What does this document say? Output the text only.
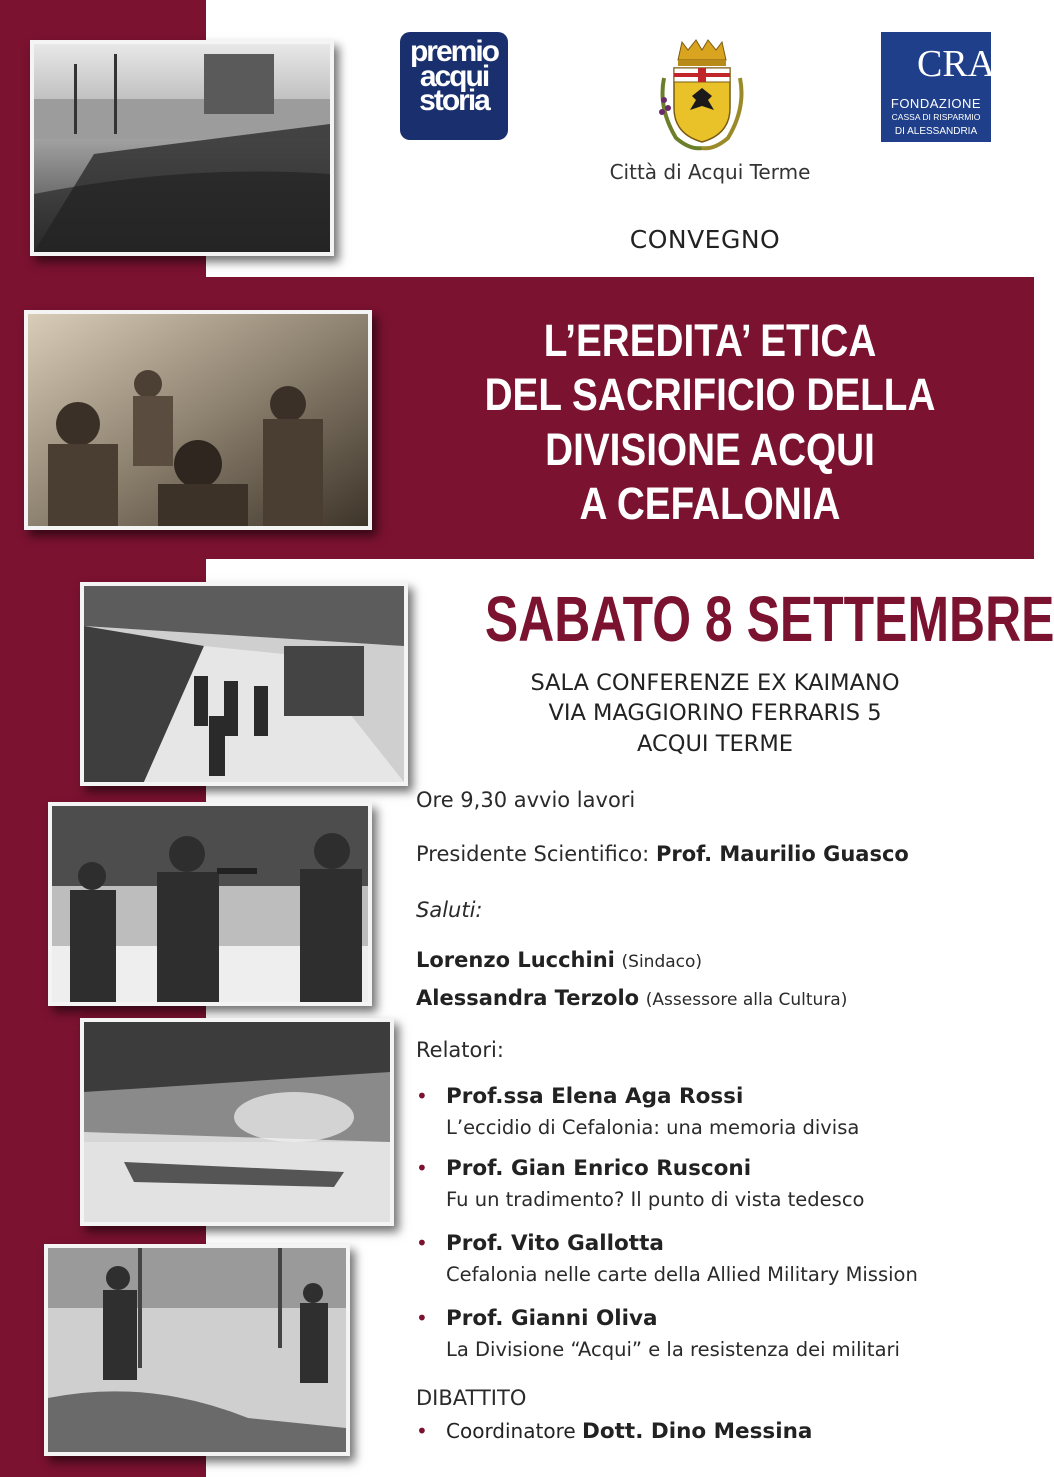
premio
acqui
storia
Città di Acqui Terme
CRA
FONDAZIONE
CASSA DI RISPARMIO
DI ALESSANDRIA
CONVEGNO
L’EREDITA’ ETICA
DEL SACRIFICIO DELLA
DIVISIONE ACQUI
A CEFALONIA
SABATO 8 SETTEMBRE
SALA CONFERENZE EX KAIMANO
VIA MAGGIORINO FERRARIS 5
ACQUI TERME
Ore 9,30 avvio lavori
Presidente Scientifico: Prof. Maurilio Guasco
Saluti:
Lorenzo Lucchini (Sindaco)
Alessandra Terzolo (Assessore alla Cultura)
Relatori:
• Prof.ssa Elena Aga Rossi
L’eccidio di Cefalonia: una memoria divisa
• Prof. Gian Enrico Rusconi
Fu un tradimento? Il punto di vista tedesco
• Prof. Vito Gallotta
Cefalonia nelle carte della Allied Military Mission
• Prof. Gianni Oliva
La Divisione “Acqui” e la resistenza dei militari
DIBATTITO
• Coordinatore Dott. Dino Messina
